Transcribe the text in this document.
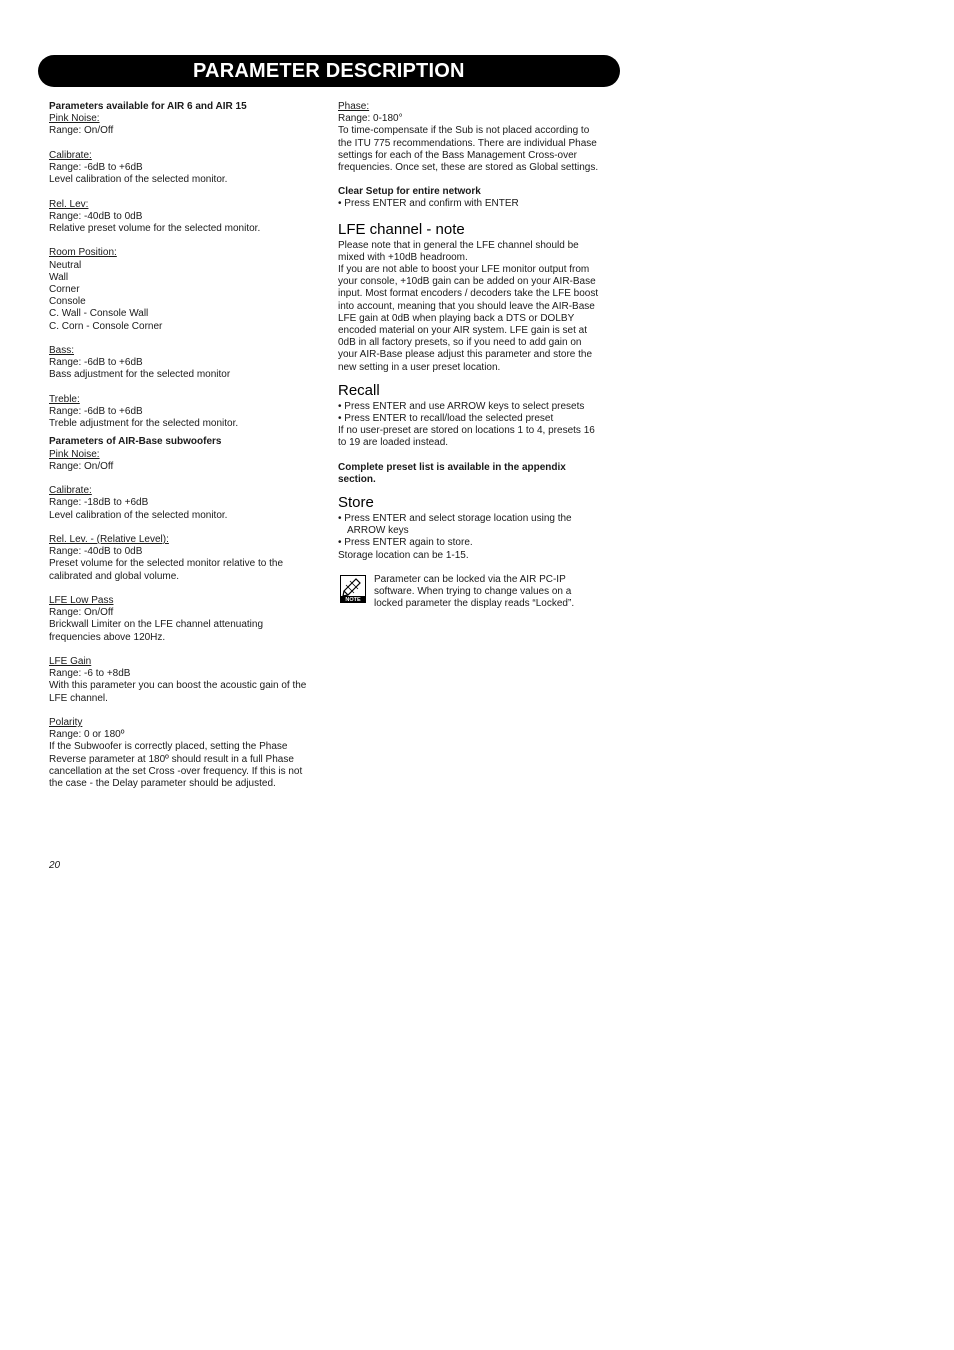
PARAMETER DESCRIPTION
Parameters available for AIR 6 and AIR 15
Pink Noise:
Range: On/Off
Calibrate:
Range: -6dB to +6dB
Level calibration of the selected monitor.
Rel. Lev:
Range: -40dB to 0dB
Relative preset volume for the selected monitor.
Room Position:
Neutral
Wall
Corner
Console
C. Wall - Console Wall
C. Corn - Console Corner
Bass:
Range: -6dB to +6dB
Bass adjustment for the selected monitor
Treble:
Range: -6dB to +6dB
Treble adjustment for the selected monitor.
Parameters of AIR-Base subwoofers
Pink Noise:
Range: On/Off
Calibrate:
Range: -18dB to +6dB
Level calibration of the selected monitor.
Rel. Lev. - (Relative Level):
Range: -40dB to 0dB
Preset volume for the selected monitor relative to the
calibrated and global volume.
LFE Low Pass
Range: On/Off
Brickwall Limiter on the LFE channel attenuating
frequencies above 120Hz.
LFE Gain
Range: -6 to +8dB
With this parameter you can boost the acoustic gain of the
LFE channel.
Polarity
Range: 0 or 180º
If the Subwoofer is correctly placed, setting the Phase
Reverse parameter at 180º should result in a full Phase
cancellation at the set Cross -over frequency. If this is not
the case - the Delay parameter should be adjusted.
Phase:
Range: 0-180°
To time-compensate if the Sub is not placed according to
the ITU 775 recommendations. There are individual Phase
settings for each of the Bass Management Cross-over
frequencies. Once set, these are stored as Global settings.
Clear Setup for entire network
• Press ENTER and confirm with ENTER
LFE channel - note
Please note that in general the LFE channel should be
mixed with +10dB headroom.
If you are not able to boost your LFE monitor output from
your console, +10dB gain can be added on your AIR-Base
input. Most format encoders / decoders take the LFE boost
into account, meaning that you should leave the AIR-Base
LFE gain at 0dB when playing back a DTS or DOLBY
encoded material on your AIR system. LFE gain is set at
0dB in all factory presets, so if you need to add gain on
your AIR-Base please adjust this parameter and store the
new setting in a user preset location.
Recall
• Press ENTER and use ARROW keys to select presets
• Press ENTER to recall/load the selected preset
If no user-preset are stored on locations 1 to 4, presets 16
to 19 are loaded instead.
Complete preset list is available in the appendix
section.
Store
• Press ENTER and select storage location using the ARROW keys
• Press ENTER again to store.
Storage location can be 1-15.
NOTE
Parameter can be locked via the AIR PC-IP
software. When trying to change values on a
locked parameter the display reads “Locked”.
20
